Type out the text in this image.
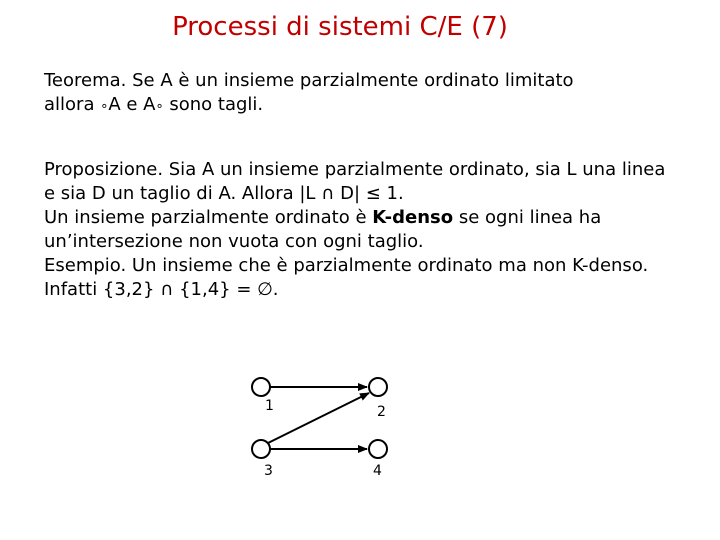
Processi di sistemi C/E (7)
Teorema. Se A è un insieme parzialmente ordinato limitato
allora ∘A e A∘ sono tagli.
Proposizione. Sia A un insieme parzialmente ordinato, sia L una linea
e sia D un taglio di A. Allora |L ∩ D| ≤ 1.
Un insieme parzialmente ordinato è K-denso se ogni linea ha
un’intersezione non vuota con ogni taglio.
Esempio. Un insieme che è parzialmente ordinato ma non K-denso.
Infatti {3,2} ∩ {1,4} = ∅.
1	2
3	4
